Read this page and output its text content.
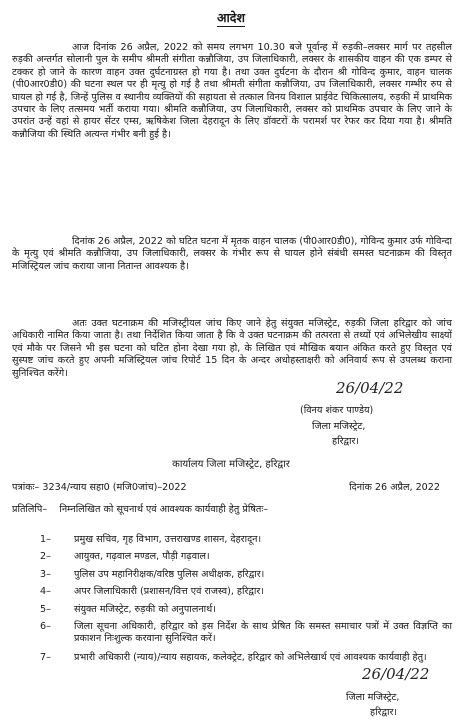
आदेश

आज दिनांक 26 अप्रैल, 2022 को समय लगभग 10.30 बजे पूर्वान्ह में रुड़की–लक्सर मार्ग पर तहसील रुड़की अन्तर्गत सोलानी पुल के समीप श्रीमती संगीता कन्नौजिया, उप जिलाधिकारी, लक्सर के शासकीय वाहन की एक डम्पर से टक्कर हो जाने के कारण वाहन उक्त दुर्घटनाग्रस्त हो गया है। तथा उक्त दुर्घटना के दौरान श्री गोविन्द कुमार, वाहन चालक (पी0आर0डी0) की घटना स्थल पर ही मृत्यु हो गई है तथा श्रीमती संगीता कन्नौजिया, उप जिलाधिकारी, लक्सर गम्भीर रुप से घायल हो गई है, जिन्हें पुलिस व स्थानीय व्यक्तियों की सहायता से तत्काल विनय विशाल प्राईवेट चिकित्सालय, रुड़की में प्राथमिक उपचार के लिए तत्समय भर्ती कराया गया। श्रीमति कन्नौजिया, उप जिलाधिकारी, लक्सर को प्राथमिक उपचार के लिए जाने के उपरांत उन्हें वहां से हायर सेंटर एम्स, ऋषिकेश जिला देहरादून के लिए डॉक्टरों के परामर्श पर रेफर कर दिया गया है। श्रीमति कन्नौजिया की स्थिति अत्यन्त गंभीर बनी हुई है।

दिनांक 26 अप्रैल, 2022 को घटित घटना में मृतक वाहन चालक (पी0आर0डी0), गोविन्द कुमार उर्फ गोविन्दा के मृत्यु एवं श्रीमति कन्नौजिया, उप जिलाधिकारी, लक्सर के गंभीर रूप से घायल होने संबंधी समस्त घटनाक्रम की विस्तृत मजिस्ट्रियल जांच कराया जाना नितान्त आवश्यक है।

अतः उक्त घटनाक्रम की मजिस्ट्रीयल जांच किए जाने हेतु संयुक्त मजिस्ट्रेट, रुड़की जिला हरिद्वार को जांच अधिकारी नामित किया जाता है। तथा निर्देशित किया जाता है कि वे उक्त घटनाक्रम की तत्परता से तथ्यों एवं अभिलेखीय साक्ष्यों एवं मौके पर जिसने भी इस घटना को घटित होना देखा गया हो, के लिखित एवं मौखिक बयान अंकित करते हुए विस्तृत एवं सुस्पष्ट जांच करते हुए अपनी मजिस्ट्रियल जांच रिपोर्ट 15 दिन के अन्दर अधोहस्ताक्षरी को अनिवार्य रूप से उपलब्ध कराना सुनिश्चित करेंगे।

26/04/22
(विनय शंकर पाण्डेय)
जिला मजिस्ट्रेट,
हरिद्वार।
कार्यालय जिला मजिस्ट्रेट, हरिद्वार
पत्रांकः– 3234/न्याय सहा0 (मजि0जांच)–2022	दिनांक 26 अप्रैल, 2022
प्रतिलिपि–    निम्नलिखित को सूचनार्थ एवं आवश्यक कार्यवाही हेतु प्रेषितः–
1– प्रमुख सचिव, गृह विभाग, उत्तराखण्ड शासन, देहरादून।
2– आयुक्त, गढ़वाल मण्डल, पौड़ी गढ़वाल।
3– पुलिस उप महानिरीक्षक/वरिष्ठ पुलिस अधीक्षक, हरिद्वार।
4– अपर जिलाधिकारी (प्रशासन/वित्त एवं राजस्व), हरिद्वार।
5– संयुक्त मजिस्ट्रेट, रुड़की को अनुपालनार्थ।
6– जिला सूचना अधिकारी, हरिद्वार को इस निर्देश के साथ प्रेषित कि समस्त समाचार पत्रों में उक्त विज्ञप्ति का प्रकाशन निःशुल्क करवाना सुनिश्चित करें।
7– प्रभारी अधिकारी (न्याय)/न्याय सहायक, कलेक्ट्रेट, हरिद्वार को अभिलेखार्थ एवं आवश्यक कार्यवाही हेतु।
26/04/22
जिला मजिस्ट्रेट,
हरिद्वार।
